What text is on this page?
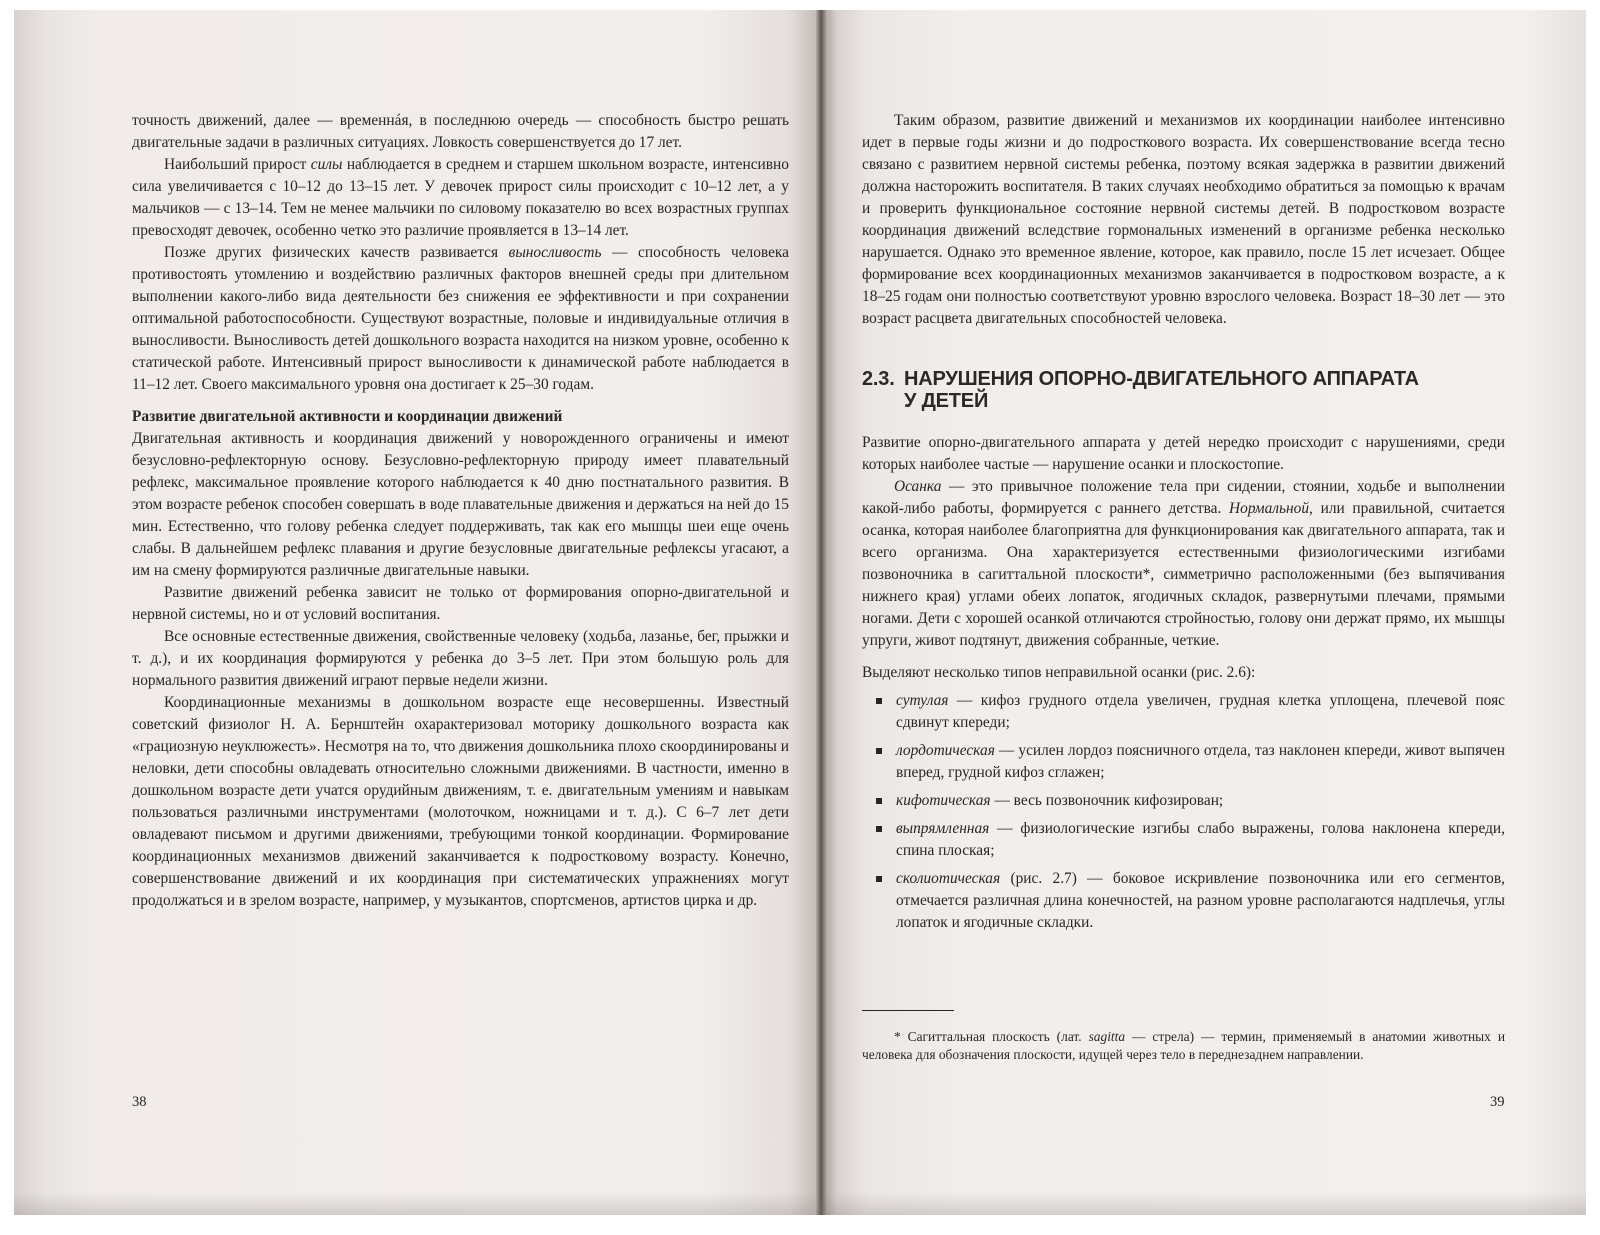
точность движений, далее — временнáя, в последнюю очередь — способность быстро решать двигательные задачи в различных ситуациях. Ловкость совершенствуется до 17 лет.

Наибольший прирост силы наблюдается в среднем и старшем школьном возрасте, интенсивно сила увеличивается с 10–12 до 13–15 лет. У девочек прирост силы происходит с 10–12 лет, а у мальчиков — с 13–14. Тем не менее мальчики по силовому показателю во всех возрастных группах превосходят девочек, особенно четко это различие проявляется в 13–14 лет.

Позже других физических качеств развивается выносливость — способность человека противостоять утомлению и воздействию различных факторов внешней среды при длительном выполнении какого-либо вида деятельности без снижения ее эффективности и при сохранении оптимальной работоспособности. Существуют возрастные, половые и индивидуальные отличия в выносливости. Выносливость детей дошкольного возраста находится на низком уровне, особенно к статической работе. Интенсивный прирост выносливости к динамической работе наблюдается в 11–12 лет. Своего максимального уровня она достигает к 25–30 годам.

Развитие двигательной активности и координации движений

Двигательная активность и координация движений у новорожденного ограничены и имеют безусловно-рефлекторную основу. Безусловно-рефлекторную природу имеет плавательный рефлекс, максимальное проявление которого наблюдается к 40 дню постнатального развития. В этом возрасте ребенок способен совершать в воде плавательные движения и держаться на ней до 15 мин. Естественно, что голову ребенка следует поддерживать, так как его мышцы шеи еще очень слабы. В дальнейшем рефлекс плавания и другие безусловные двигательные рефлексы угасают, а им на смену формируются различные двигательные навыки.

Развитие движений ребенка зависит не только от формирования опорно-двигательной и нервной системы, но и от условий воспитания.

Все основные естественные движения, свойственные человеку (ходьба, лазанье, бег, прыжки и т. д.), и их координация формируются у ребенка до 3–5 лет. При этом большую роль для нормального развития движений играют первые недели жизни.

Координационные механизмы в дошкольном возрасте еще несовершенны. Известный советский физиолог Н. А. Бернштейн охарактеризовал моторику дошкольного возраста как «грациозную неуклюжесть». Несмотря на то, что движения дошкольника плохо скоординированы и неловки, дети способны овладевать относительно сложными движениями. В частности, именно в дошкольном возрасте дети учатся орудийным движениям, т. е. двигательным умениям и навыкам пользоваться различными инструментами (молоточком, ножницами и т. д.). С 6–7 лет дети овладевают письмом и другими движениями, требующими тонкой координации. Формирование координационных механизмов движений заканчивается к подростковому возрасту. Конечно, совершенствование движений и их координация при систематических упражнениях могут продолжаться и в зрелом возрасте, например, у музыкантов, спортсменов, артистов цирка и др.

38

Таким образом, развитие движений и механизмов их координации наиболее интенсивно идет в первые годы жизни и до подросткового возраста. Их совершенствование всегда тесно связано с развитием нервной системы ребенка, поэтому всякая задержка в развитии движений должна насторожить воспитателя. В таких случаях необходимо обратиться за помощью к врачам и проверить функциональное состояние нервной системы детей. В подростковом возрасте координация движений вследствие гормональных изменений в организме ребенка несколько нарушается. Однако это временное явление, которое, как правило, после 15 лет исчезает. Общее формирование всех координационных механизмов заканчивается в подростковом возрасте, а к 18–25 годам они полностью соответствуют уровню взрослого человека. Возраст 18–30 лет — это возраст расцвета двигательных способностей человека.

2.3. НАРУШЕНИЯ ОПОРНО-ДВИГАТЕЛЬНОГО АППАРАТА
У ДЕТЕЙ

Развитие опорно-двигательного аппарата у детей нередко происходит с нарушениями, среди которых наиболее частые — нарушение осанки и плоскостопие.

Осанка — это привычное положение тела при сидении, стоянии, ходьбе и выполнении какой-либо работы, формируется с раннего детства. Нормальной, или правильной, считается осанка, которая наиболее благоприятна для функционирования как двигательного аппарата, так и всего организма. Она характеризуется естественными физиологическими изгибами позвоночника в сагиттальной плоскости*, симметрично расположенными (без выпячивания нижнего края) углами обеих лопаток, ягодичных складок, развернутыми плечами, прямыми ногами. Дети с хорошей осанкой отличаются стройностью, голову они держат прямо, их мышцы упруги, живот подтянут, движения собранные, четкие.

Выделяют несколько типов неправильной осанки (рис. 2.6):

сутулая — кифоз грудного отдела увеличен, грудная клетка уплощена, плечевой пояс сдвинут кпереди;
лордотическая — усилен лордоз поясничного отдела, таз наклонен кпереди, живот выпячен вперед, грудной кифоз сглажен;
кифотическая — весь позвоночник кифозирован;
выпрямленная — физиологические изгибы слабо выражены, голова наклонена кпереди, спина плоская;
сколиотическая (рис. 2.7) — боковое искривление позвоночника или его сегментов, отмечается различная длина конечностей, на разном уровне располагаются надплечья, углы лопаток и ягодичные складки.
* Сагиттальная плоскость (лат. sagitta — стрела) — термин, применяемый в анатомии животных и человека для обозначения плоскости, идущей через тело в переднезаднем направлении.
39
